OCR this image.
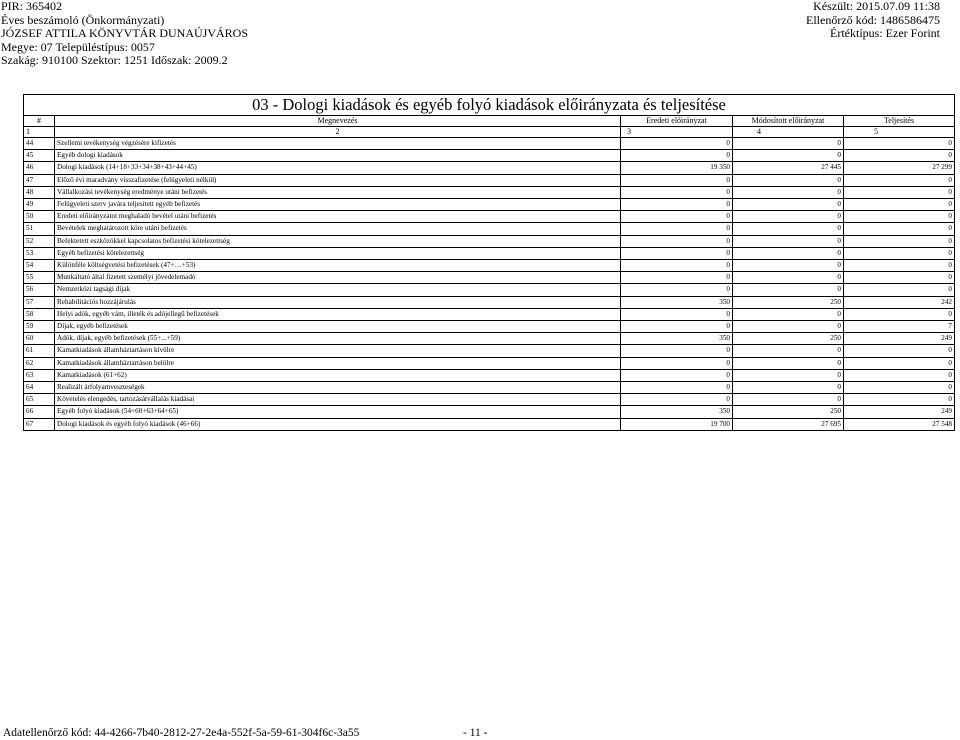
PIR: 365402
Éves beszámoló (Önkormányzati)
JÓZSEF ATTILA KÖNYVTÁR DUNAÚJVÁROS
Megye: 07 Településtípus: 0057
Szakág: 910100 Szektor: 1251 Időszak: 2009.2
Készült: 2015.07.09 11:38
Ellenőrző kód: 1486586475
Értéktípus: Ezer Forint
03 - Dologi kiadások és egyéb folyó kiadások előirányzata és teljesítése				
#	Megnevezés	Eredeti előirányzat	Módosított előirányzat	Teljesítés
1	2	3	4	5
44	Szellemi tevékenység végzésére kifizetés	0	0	0
45	Egyéb dologi kiadások	0	0	0
46	Dologi kiadások (14+18+33+34+38+43+44+45)	19 350	27 445	27 299
47	Előző évi maradvány visszafizetése (felügyeleti nélkül)	0	0	0
48	Vállalkozási tevékenység eredménye utáni befizetés	0	0	0
49	Felügyeleti szerv javára teljesített egyéb befizetés	0	0	0
50	Eredeti előirányzatot meghaladó bevétel utáni befizetés	0	0	0
51	Bevételek meghatározott köre utáni befizetés	0	0	0
52	Befektetett eszközökkel kapcsolatos befizetési kötelezettség	0	0	0
53	Egyéb befizetési kötelezettség	0	0	0
54	Különféle költségvetési befizetések (47+…+53)	0	0	0
55	Munkáltató által fizetett személyi jövedelemadó	0	0	0
56	Nemzetközi tagsági díjak	0	0	0
57	Rehabilitációs hozzájárulás	350	250	242
58	Helyi adók, egyéb vám, illeték és adójellegű befizetések	0	0	0
59	Díjak, egyéb befizetések	0	0	7
60	Adók, díjak, egyéb befizetések (55+...+59)	350	250	249
61	Kamatkiadások államháztartáson kívülre	0	0	0
62	Kamatkiadások államháztartáson belülre	0	0	0
63	Kamatkiadások (61+62)	0	0	0
64	Realizált árfolyamveszteségek	0	0	0
65	Követelés elengedés, tartozásátvállalás kiadásai	0	0	0
66	Egyéb folyó kiadások (54+60+63+64+65)	350	250	249
67	Dologi kiadások és egyéb folyó kiadások (46+66)	19 700	27 695	27 548
Adatellenőrző kód: 44-4266-7b40-2812-27-2e4a-552f-5a-59-61-304f6c-3a55	- 11 -
